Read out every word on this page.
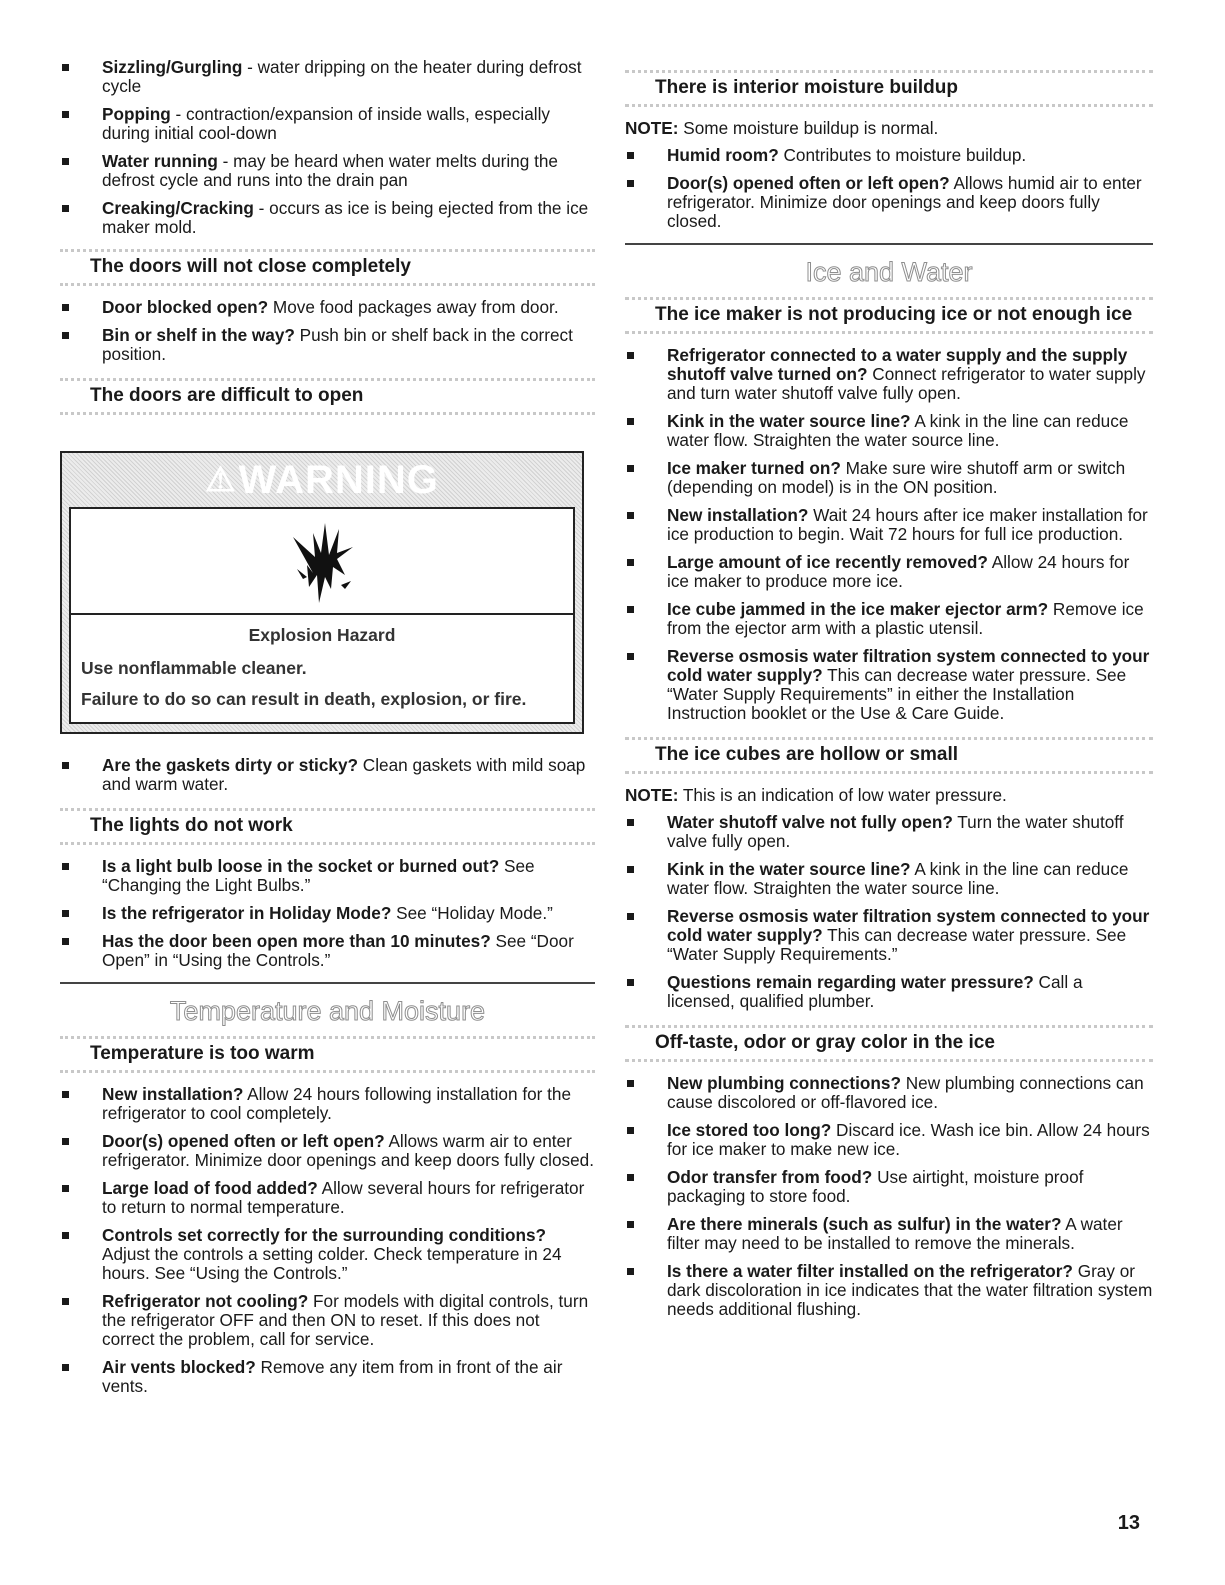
Sizzling/Gurgling - water dripping on the heater during defrost cycle

Popping - contraction/expansion of inside walls, especially during initial cool-down

Water running - may be heard when water melts during the defrost cycle and runs into the drain pan

Creaking/Cracking - occurs as ice is being ejected from the ice maker mold.

The doors will not close completely

Door blocked open? Move food packages away from door.

Bin or shelf in the way? Push bin or shelf back in the correct position.

The doors are difficult to open
⚠ WARNING
Explosion Hazard

Use nonflammable cleaner.

Failure to do so can result in death, explosion, or fire.

Are the gaskets dirty or sticky? Clean gaskets with mild soap and warm water.

The lights do not work

Is a light bulb loose in the socket or burned out? See “Changing the Light Bulbs.”

Is the refrigerator in Holiday Mode? See “Holiday Mode.”

Has the door been open more than 10 minutes? See “Door Open” in “Using the Controls.”

Temperature and Moisture
Temperature is too warm

New installation? Allow 24 hours following installation for the refrigerator to cool completely.

Door(s) opened often or left open? Allows warm air to enter refrigerator. Minimize door openings and keep doors fully closed.

Large load of food added? Allow several hours for refrigerator to return to normal temperature.

Controls set correctly for the surrounding conditions? Adjust the controls a setting colder. Check temperature in 24 hours. See “Using the Controls.”

Refrigerator not cooling? For models with digital controls, turn the refrigerator OFF and then ON to reset. If this does not correct the problem, call for service.

Air vents blocked? Remove any item from in front of the air vents.

There is interior moisture buildup
NOTE: Some moisture buildup is normal.

Humid room? Contributes to moisture buildup.

Door(s) opened often or left open? Allows humid air to enter refrigerator. Minimize door openings and keep doors fully closed.

Ice and Water
The ice maker is not producing ice or not enough ice

Refrigerator connected to a water supply and the supply shutoff valve turned on? Connect refrigerator to water supply and turn water shutoff valve fully open.

Kink in the water source line? A kink in the line can reduce water flow. Straighten the water source line.

Ice maker turned on? Make sure wire shutoff arm or switch (depending on model) is in the ON position.

New installation? Wait 24 hours after ice maker installation for ice production to begin. Wait 72 hours for full ice production.

Large amount of ice recently removed? Allow 24 hours for ice maker to produce more ice.

Ice cube jammed in the ice maker ejector arm? Remove ice from the ejector arm with a plastic utensil.

Reverse osmosis water filtration system connected to your cold water supply? This can decrease water pressure. See “Water Supply Requirements” in either the Installation Instruction booklet or the Use & Care Guide.

The ice cubes are hollow or small
NOTE: This is an indication of low water pressure.

Water shutoff valve not fully open? Turn the water shutoff valve fully open.

Kink in the water source line? A kink in the line can reduce water flow. Straighten the water source line.

Reverse osmosis water filtration system connected to your cold water supply? This can decrease water pressure. See “Water Supply Requirements.”

Questions remain regarding water pressure? Call a licensed, qualified plumber.

Off-taste, odor or gray color in the ice

New plumbing connections? New plumbing connections can cause discolored or off-flavored ice.

Ice stored too long? Discard ice. Wash ice bin. Allow 24 hours for ice maker to make new ice.

Odor transfer from food? Use airtight, moisture proof packaging to store food.

Are there minerals (such as sulfur) in the water? A water filter may need to be installed to remove the minerals.

Is there a water filter installed on the refrigerator? Gray or dark discoloration in ice indicates that the water filtration system needs additional flushing.

13
